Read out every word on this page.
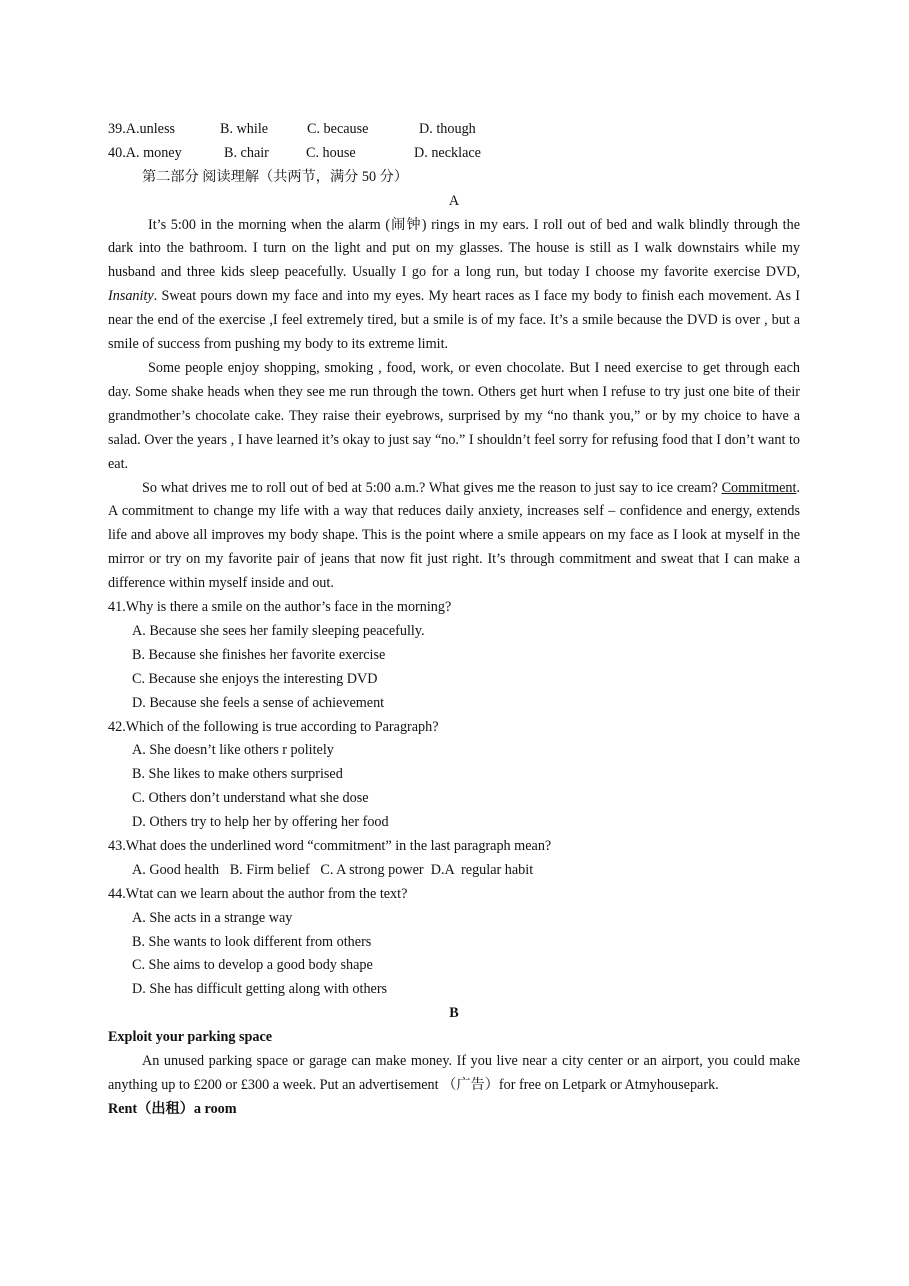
39.A.unless	B. while	C. because	D. though
40.A. money	B. chair	C. house	D. necklace
第二部分 阅读理解（共两节，满分 50 分）
A
It’s 5:00 in the morning when the alarm (闹钟) rings in my ears. I roll out of bed and walk blindly through the dark into the bathroom. I turn on the light and put on my glasses. The house is still as I walk downstairs while my husband and three kids sleep peacefully. Usually I go for a long run, but today I choose my favorite exercise DVD, Insanity. Sweat pours down my face and into my eyes. My heart races as I face my body to finish each movement. As I near the end of the exercise ,I feel extremely tired, but a smile is of my face. It’s a smile because the DVD is over , but a smile of success from pushing my body to its extreme limit.
Some people enjoy shopping, smoking , food, work, or even chocolate. But I need exercise to get through each day. Some shake heads when they see me run through the town. Others get hurt when I refuse to try just one bite of their grandmother’s chocolate cake. They raise their eyebrows, surprised by my “no thank you,” or by my choice to have a salad. Over the years , I have learned it’s okay to just say “no.” I shouldn’t feel sorry for refusing food that I don’t want to eat.
So what drives me to roll out of bed at 5:00 a.m.? What gives me the reason to just say to ice cream? Commitment. A commitment to change my life with a way that reduces daily anxiety, increases self – confidence and energy, extends life and above all improves my body shape. This is the point where a smile appears on my face as I look at myself in the mirror or try on my favorite pair of jeans that now fit just right. It’s through commitment and sweat that I can make a difference within myself inside and out.
41.Why is there a smile on the author’s face in the morning?
A. Because she sees her family sleeping peacefully.
B. Because she finishes her favorite exercise
C. Because she enjoys the interesting DVD
D. Because she feels a sense of achievement
42.Which of the following is true according to Paragraph?
A. She doesn’t like others r politely
B. She likes to make others surprised
C. Others don’t understand what she dose
D. Others try to help her by offering her food
43.What does the underlined word “commitment” in the last paragraph mean?
A. Good health   B. Firm belief   C. A strong power  D.A  regular habit
44.Wtat can we learn about the author from the text?
A. She acts in a strange way
B. She wants to look different from others
C. She aims to develop a good body shape
D. She has difficult getting along with others
B
Exploit your parking space
An unused parking space or garage can make money. If you live near a city center or an airport, you could make anything up to £200 or £300 a week. Put an advertisement （广告）for free on Letpark or Atmyhousepark.
Rent（出租）a room
